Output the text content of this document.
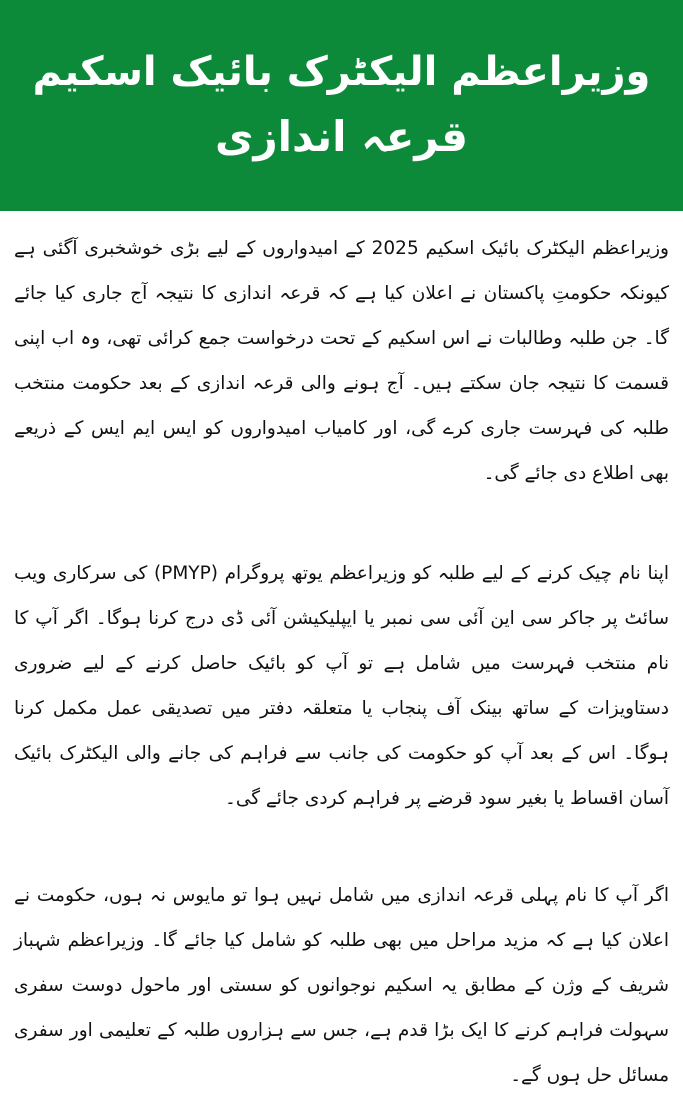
وزیراعظم الیکٹرک بائیک اسکیم
قرعہ اندازی

وزیراعظم الیکٹرک بائیک اسکیم 2025 کے امیدواروں کے لیے بڑی خوشخبری آگئی ہے کیونکہ حکومتِ پاکستان نے اعلان کیا ہے کہ قرعہ اندازی کا نتیجہ آج جاری کیا جائے گا۔ جن طلبہ وطالبات نے اس اسکیم کے تحت درخواست جمع کرائی تھی، وہ اب اپنی قسمت کا نتیجہ جان سکتے ہیں۔ آج ہونے والی قرعہ اندازی کے بعد حکومت منتخب طلبہ کی فہرست جاری کرے گی، اور کامیاب امیدواروں کو ایس ایم ایس کے ذریعے بھی اطلاع دی جائے گی۔

اپنا نام چیک کرنے کے لیے طلبہ کو وزیراعظم یوتھ پروگرام (PMYP) کی سرکاری ویب سائٹ پر جاکر سی این آئی سی نمبر یا ایپلیکیشن آئی ڈی درج کرنا ہوگا۔ اگر آپ کا نام منتخب فہرست میں شامل ہے تو آپ کو بائیک حاصل کرنے کے لیے ضروری دستاویزات کے ساتھ بینک آف پنجاب یا متعلقہ دفتر میں تصدیقی عمل مکمل کرنا ہوگا۔ اس کے بعد آپ کو حکومت کی جانب سے فراہم کی جانے والی الیکٹرک بائیک آسان اقساط یا بغیر سود قرضے پر فراہم کردی جائے گی۔

اگر آپ کا نام پہلی قرعہ اندازی میں شامل نہیں ہوا تو مایوس نہ ہوں، حکومت نے اعلان کیا ہے کہ مزید مراحل میں بھی طلبہ کو شامل کیا جائے گا۔ وزیراعظم شہباز شریف کے وژن کے مطابق یہ اسکیم نوجوانوں کو سستی اور ماحول دوست سفری سہولت فراہم کرنے کا ایک بڑا قدم ہے، جس سے ہزاروں طلبہ کے تعلیمی اور سفری مسائل حل ہوں گے۔
